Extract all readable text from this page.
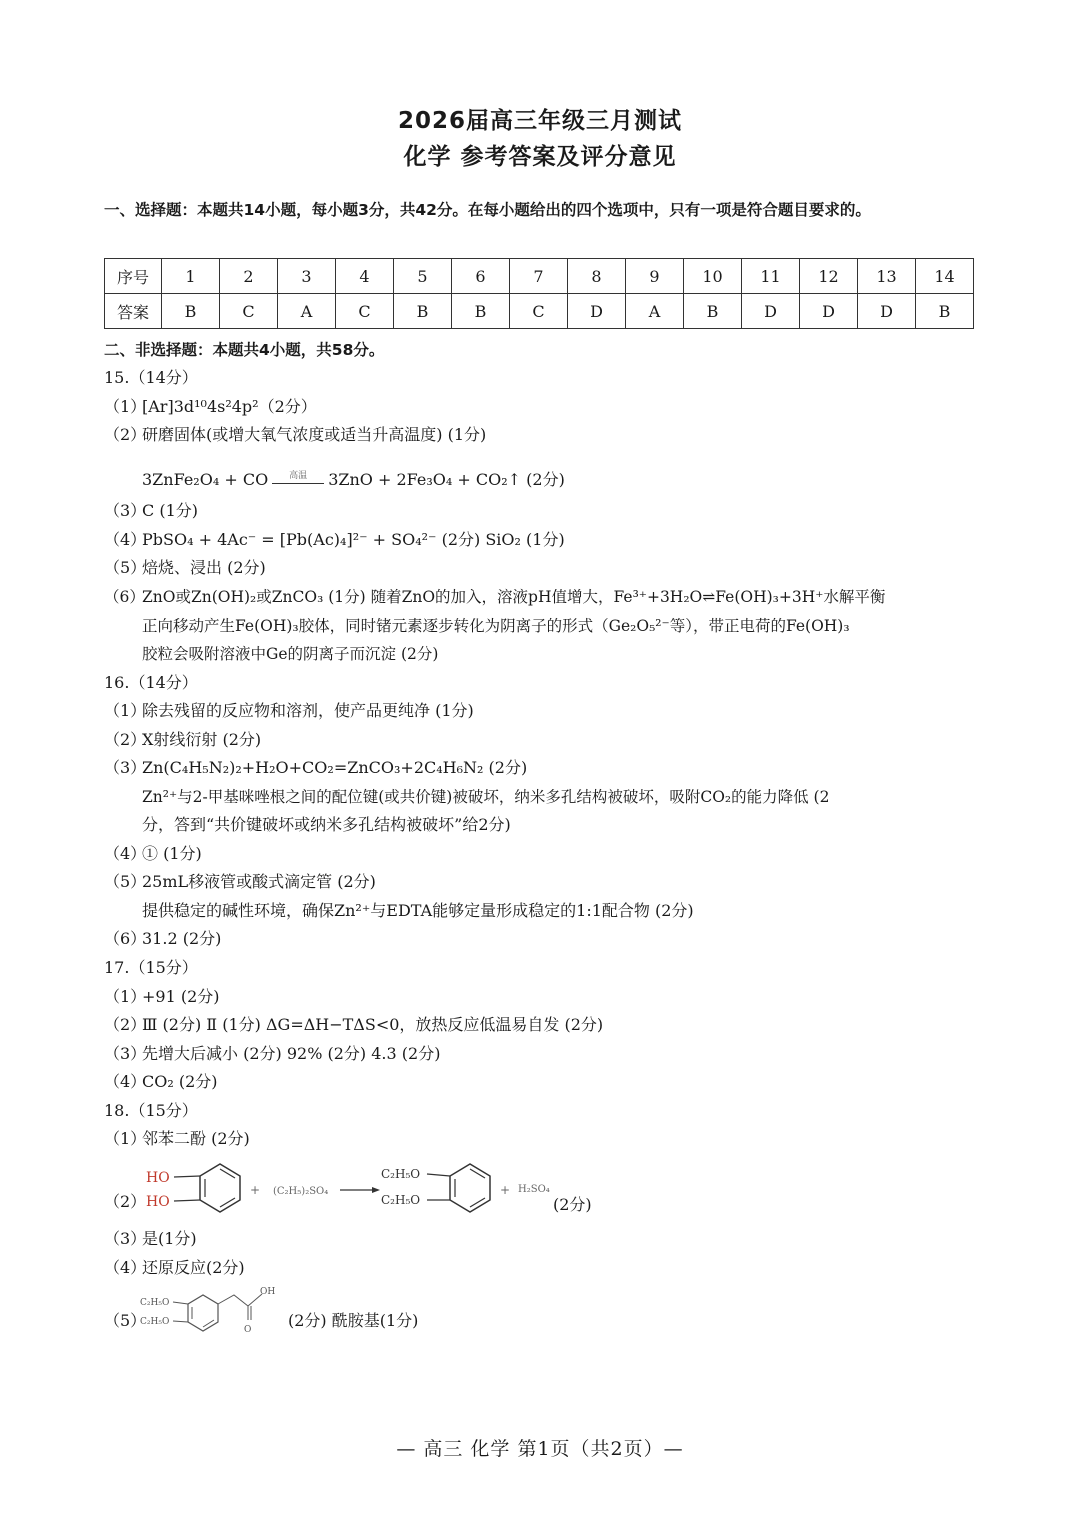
2026届高三年级三月测试
化学 参考答案及评分意见
一、选择题：本题共14小题，每小题3分，共42分。在每小题给出的四个选项中，只有一项是符合题目要求的。
序号	1	2	3	4	5	6	7	8	9	10	11	12	13	14
答案	B	C	A	C	B	B	C	D	A	B	D	D	D	B
二、非选择题：本题共4小题，共58分。
15.（14分）
（1）[Ar]3d¹⁰4s²4p²（2分）
（2）研磨固体(或增大氧气浓度或适当升高温度) (1分)
3ZnFe₂O₄ + CO	高温	3ZnO + 2Fe₃O₄ + CO₂↑ (2分)
（3）C (1分)
（4）PbSO₄ + 4Ac⁻ = [Pb(Ac)₄]²⁻ + SO₄²⁻ (2分) SiO₂ (1分)
（5）焙烧、浸出 (2分)
（6）ZnO或Zn(OH)₂或ZnCO₃ (1分) 随着ZnO的加入，溶液pH值增大，Fe³⁺+3H₂O⇌Fe(OH)₃+3H⁺水解平衡
正向移动产生Fe(OH)₃胶体，同时锗元素逐步转化为阴离子的形式（Ge₂O₅²⁻等），带正电荷的Fe(OH)₃
胶粒会吸附溶液中Ge的阴离子而沉淀 (2分)
16.（14分）
（1）除去残留的反应物和溶剂，使产品更纯净 (1分)
（2）X射线衍射 (2分)
（3）Zn(C₄H₅N₂)₂+H₂O+CO₂=ZnCO₃+2C₄H₆N₂ (2分)
Zn²⁺与2-甲基咪唑根之间的配位键(或共价键)被破坏，纳米多孔结构被破坏，吸附CO₂的能力降低 (2
分，答到“共价键破坏或纳米多孔结构被破坏”给2分)
（4）① (1分)
（5）25mL移液管或酸式滴定管 (2分)
提供稳定的碱性环境，确保Zn²⁺与EDTA能够定量形成稳定的1:1配合物 (2分)
（6）31.2 (2分)
17.（15分）
（1）+91 (2分)
（2）Ⅲ (2分) Ⅱ (1分) ΔG=ΔH−TΔS<0，放热反应低温易自发 (2分)
（3）先增大后减小 (2分) 92% (2分) 4.3 (2分)
（4）CO₂ (2分)
18.（15分）
（1）邻苯二酚 (2分)
（2）
HO
HO
+ (C₂H₅)₂SO₄
C₂H₅O
C₂H₅O
+ H₂SO₄
(2分)
（3）是(1分)
（4）还原反应(2分)
（5）
C₂H₅O
C₂H₅O
OH
O (2分) 酰胺基(1分)
— 高三 化学 第1页（共2页）—
